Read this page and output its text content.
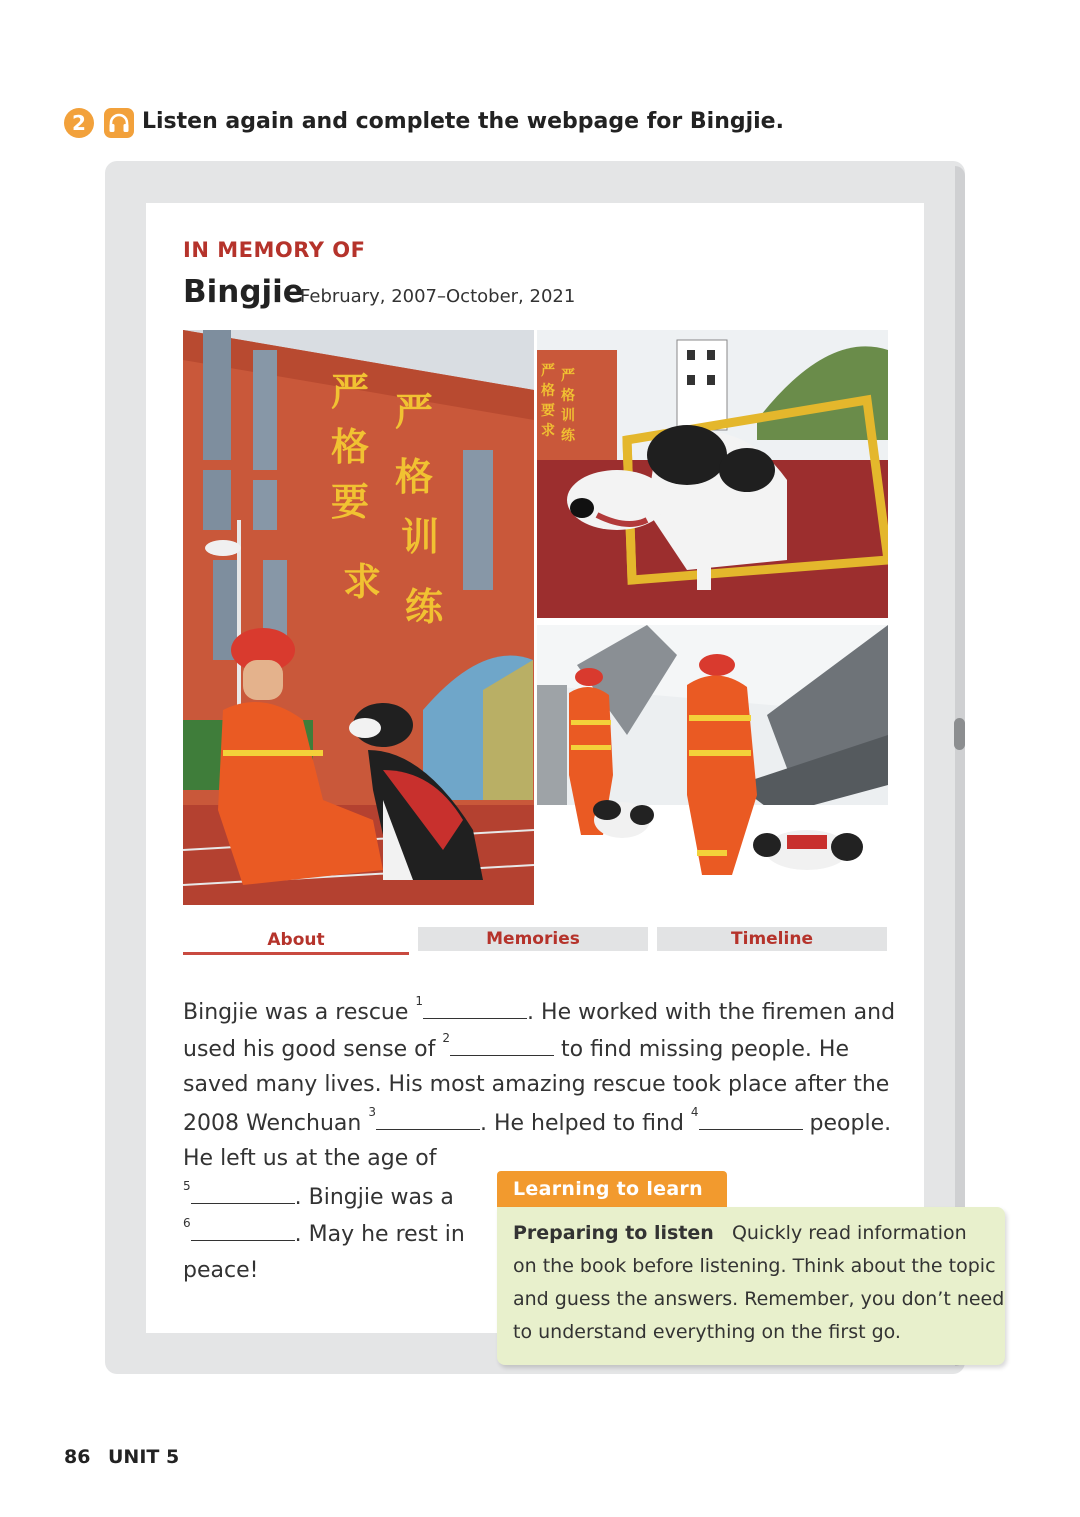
2	Listen again and complete the webpage for Bingjie.
IN MEMORY OF
Bingjie
February, 2007–October, 2021
严
格
要
求
严
格
训
练
严
格
要
求
严
格
训
练
About	Memories	Timeline
Bingjie was a rescue $^1$	. He worked with the firemen and
used his good sense of $^2$	to find missing people. He
saved many lives. His most amazing rescue took place after the
2008 Wenchuan $^3$	. He helped to find $^4$	people.
He left us at the age of
$^5$	. Bingjie was a
$^6$	. May he rest in
peace!
Learning to learn
Preparing to listen Quickly read information
on the book before listening. Think about the topic
and guess the answers. Remember, you don’t need
to understand everything on the first go.
86 UNIT 5
